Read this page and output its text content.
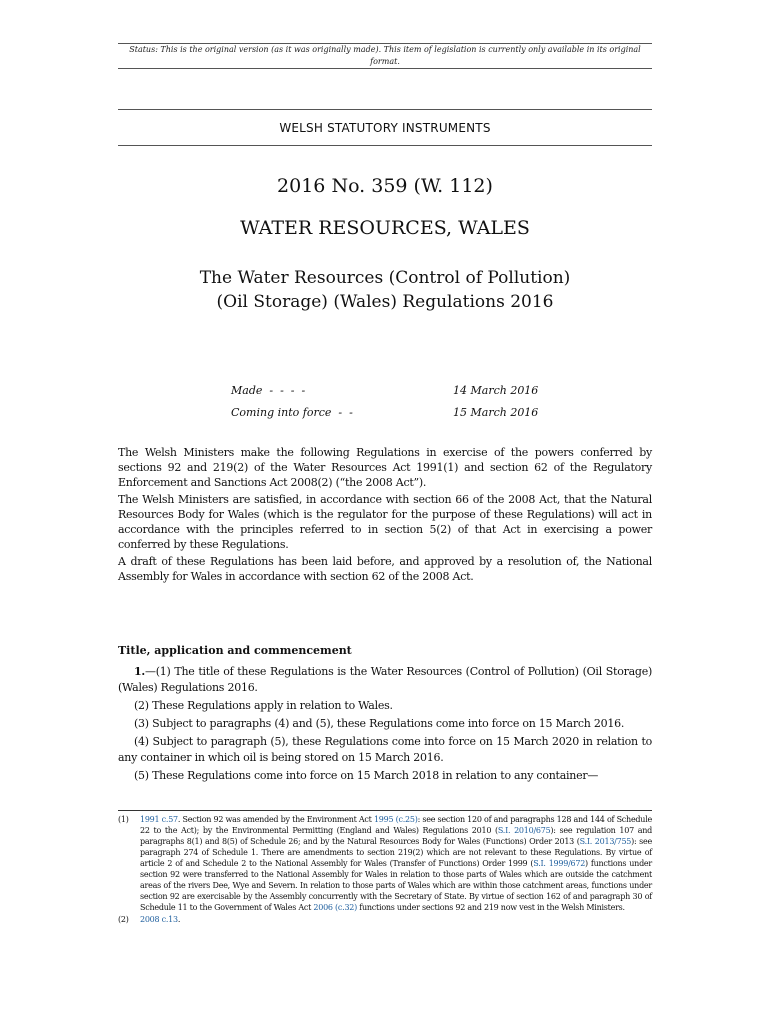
Status: This is the original version (as it was originally made). This item of legislation is currently only available in its original format.
WELSH STATUTORY INSTRUMENTS
2016 No. 359 (W. 112)
WATER RESOURCES, WALES
The Water Resources (Control of Pollution)
(Oil Storage) (Wales) Regulations 2016
Made  -  -  -  -	14 March 2016
Coming into force  -  -	15 March 2016

The Welsh Ministers make the following Regulations in exercise of the powers conferred by sections 92 and 219(2) of the Water Resources Act 1991(1) and section 62 of the Regulatory Enforcement and Sanctions Act 2008(2) (“the 2008 Act”).

The Welsh Ministers are satisfied, in accordance with section 66 of the 2008 Act, that the Natural Resources Body for Wales (which is the regulator for the purpose of these Regulations) will act in accordance with the principles referred to in section 5(2) of that Act in exercising a power conferred by these Regulations.

A draft of these Regulations has been laid before, and approved by a resolution of, the National Assembly for Wales in accordance with section 62 of the 2008 Act.

Title, application and commencement

1.—(1) The title of these Regulations is the Water Resources (Control of Pollution) (Oil Storage) (Wales) Regulations 2016.

(2) These Regulations apply in relation to Wales.

(3) Subject to paragraphs (4) and (5), these Regulations come into force on 15 March 2016.

(4) Subject to paragraph (5), these Regulations come into force on 15 March 2020 in relation to any container in which oil is being stored on 15 March 2016.

(5) These Regulations come into force on 15 March 2018 in relation to any container—

(1)	1991 c.57. Section 92 was amended by the Environment Act 1995 (c.25): see section 120 of and paragraphs 128 and 144 of Schedule 22 to the Act); by the Environmental Permitting (England and Wales) Regulations 2010 (S.I. 2010/675): see regulation 107 and paragraphs 8(1) and 8(5) of Schedule 26; and by the Natural Resources Body for Wales (Functions) Order 2013 (S.I. 2013/755): see paragraph 274 of Schedule 1. There are amendments to section 219(2) which are not relevant to these Regulations. By virtue of article 2 of and Schedule 2 to the National Assembly for Wales (Transfer of Functions) Order 1999 (S.I. 1999/672) functions under section 92 were transferred to the National Assembly for Wales in relation to those parts of Wales which are outside the catchment areas of the rivers Dee, Wye and Severn. In relation to those parts of Wales which are within those catchment areas, functions under section 92 are exercisable by the Assembly concurrently with the Secretary of State. By virtue of section 162 of and paragraph 30 of Schedule 11 to the Government of Wales Act 2006 (c.32) functions under sections 92 and 219 now vest in the Welsh Ministers.
(2)	2008 c.13.
